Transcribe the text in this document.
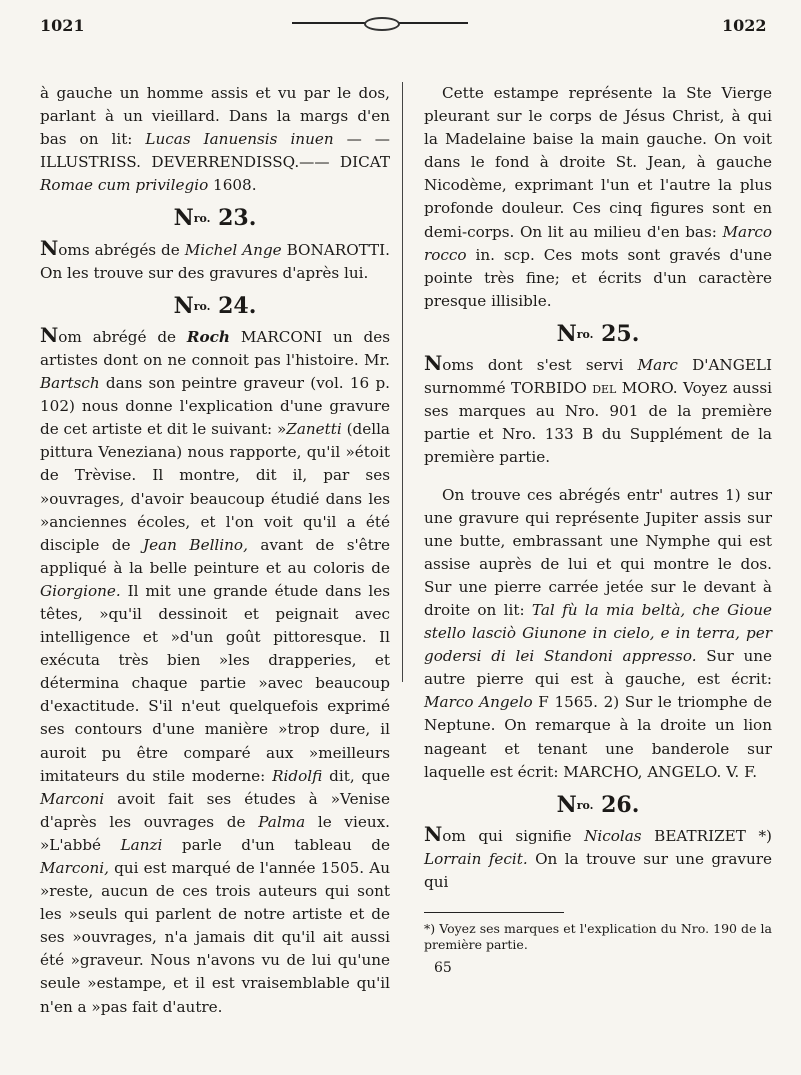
1021	1022

à gauche un homme assis et vu par le dos, parlant à un vieillard. Dans la margs d'en bas on lit: Lucas Ianuensis inuen — — ILLUSTRISS. DEVERRENDISSQ.—— DICAT Romae cum privilegio 1608.

$N^{ro.}$ 23.

Noms abrégés de Michel Ange BONAROTTI. On les trouve sur des gravures d'après lui.

$N^{ro.}$ 24.

Nom abrégé de Roch MARCONI un des artistes dont on ne connoit pas l'histoire. Mr. Bartsch dans son peintre graveur (vol. 16 p. 102) nous donne l'explication d'une gravure de cet artiste et dit le suivant: »Zanetti (della pittura Veneziana) nous rapporte, qu'il »étoit de Trèvise. Il montre, dit il, par ses »ouvrages, d'avoir beaucoup étudié dans les »anciennes écoles, et l'on voit qu'il a été disciple de Jean Bellino, avant de s'être appliqué à la belle peinture et au coloris de Giorgione. Il mit une grande étude dans les têtes, »qu'il dessinoit et peignait avec intelligence et »d'un goût pittoresque. Il exécuta très bien »les drapperies, et détermina chaque partie »avec beaucoup d'exactitude. S'il n'eut quelquefois exprimé ses contours d'une manière »trop dure, il auroit pu être comparé aux »meilleurs imitateurs du stile moderne: Ridolfi dit, que Marconi avoit fait ses études à »Venise d'après les ouvrages de Palma le vieux. »L'abbé Lanzi parle d'un tableau de Marconi, qui est marqué de l'année 1505. Au »reste, aucun de ces trois auteurs qui sont les »seuls qui parlent de notre artiste et de ses »ouvrages, n'a jamais dit qu'il ait aussi été »graveur. Nous n'avons vu de lui qu'une seule »estampe, et il est vraisemblable qu'il n'en a »pas fait d'autre.

Cette estampe représente la Ste Vierge pleurant sur le corps de Jésus Christ, à qui la Madelaine baise la main gauche. On voit dans le fond à droite St. Jean, à gauche Nicodème, exprimant l'un et l'autre la plus profonde douleur. Ces cinq figures sont en demi-corps. On lit au milieu d'en bas: Marco rocco in. scp. Ces mots sont gravés d'une pointe très fine; et écrits d'un caractère presque illisible.

$N^{ro.}$ 25.

Noms dont s'est servi Marc D'ANGELI surnommé TORBIDO del MORO. Voyez aussi ses marques au Nro. 901 de la première partie et Nro. 133 B du Supplément de la première partie.

On trouve ces abrégés entr' autres 1) sur une gravure qui représente Jupiter assis sur une butte, embrassant une Nymphe qui est assise auprès de lui et qui montre le dos. Sur une pierre carrée jetée sur le devant à droite on lit: Tal fù la mia beltà, che Gioue stello lasciò Giunone in cielo, e in terra, per godersi di lei Standoni appresso. Sur une autre pierre qui est à gauche, est écrit: Marco Angelo F 1565. 2) Sur le triomphe de Neptune. On remarque à la droite un lion nageant et tenant une banderole sur laquelle est écrit: MARCHO, ANGELO. V. F.

$N^{ro.}$ 26.

Nom qui signifie Nicolas BEATRIZET *) Lorrain fecit. On la trouve sur une gravure qui

*) Voyez ses marques et l'explication du Nro. 190 de la première partie.

65
